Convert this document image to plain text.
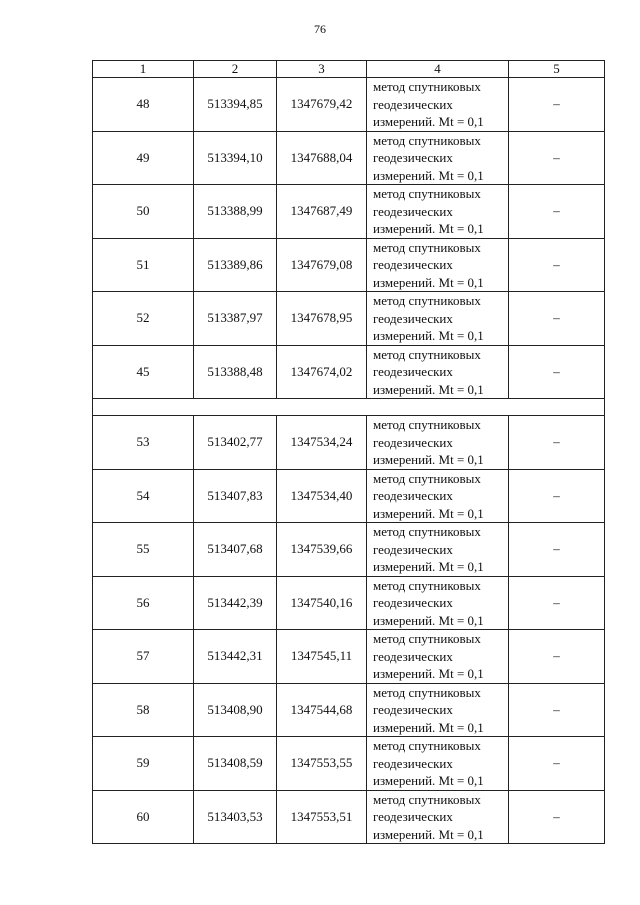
76
1	2	3	4	5
48	513394,85	1347679,42	метод спутниковых
геодезических
измерений. Mt = 0,1	–
49	513394,10	1347688,04	метод спутниковых
геодезических
измерений. Mt = 0,1	–
50	513388,99	1347687,49	метод спутниковых
геодезических
измерений. Mt = 0,1	–
51	513389,86	1347679,08	метод спутниковых
геодезических
измерений. Mt = 0,1	–
52	513387,97	1347678,95	метод спутниковых
геодезических
измерений. Mt = 0,1	–
45	513388,48	1347674,02	метод спутниковых
геодезических
измерений. Mt = 0,1	–

53	513402,77	1347534,24	метод спутниковых
геодезических
измерений. Mt = 0,1	–
54	513407,83	1347534,40	метод спутниковых
геодезических
измерений. Mt = 0,1	–
55	513407,68	1347539,66	метод спутниковых
геодезических
измерений. Mt = 0,1	–
56	513442,39	1347540,16	метод спутниковых
геодезических
измерений. Mt = 0,1	–
57	513442,31	1347545,11	метод спутниковых
геодезических
измерений. Mt = 0,1	–
58	513408,90	1347544,68	метод спутниковых
геодезических
измерений. Mt = 0,1	–
59	513408,59	1347553,55	метод спутниковых
геодезических
измерений. Mt = 0,1	–
60	513403,53	1347553,51	метод спутниковых
геодезических
измерений. Mt = 0,1	–
